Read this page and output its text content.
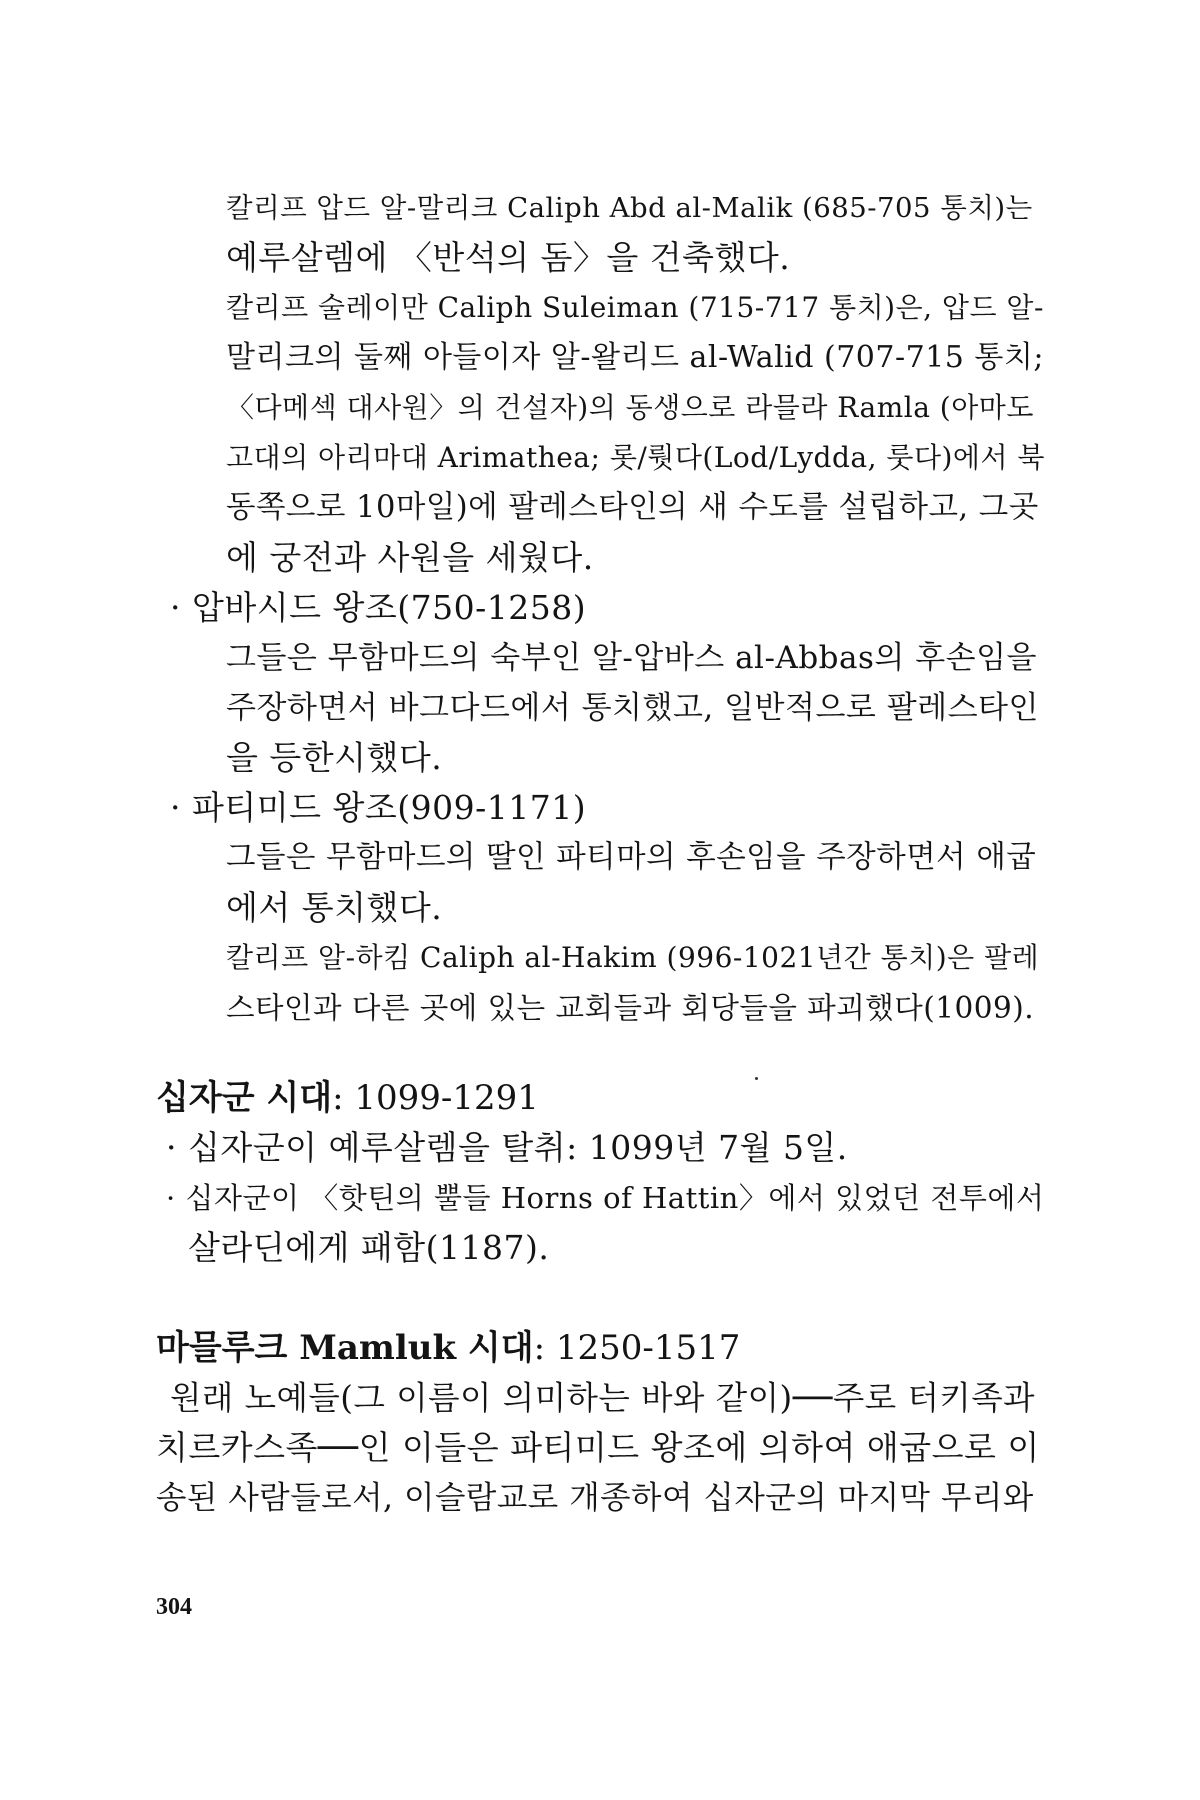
칼리프 압드 알-말리크 Caliph Abd al-Malik (685-705 통치)는
예루살렘에 〈반석의 돔〉을 건축했다.
칼리프 술레이만 Caliph Suleiman (715-717 통치)은, 압드 알-
말리크의 둘째 아들이자 알-왈리드 al-Walid (707-715 통치;
〈다메섹 대사원〉의 건설자)의 동생으로 라믈라 Ramla (아마도
고대의 아리마대 Arimathea; 롯/뤗다(Lod/Lydda, 룻다)에서 북
동쪽으로 10마일)에 팔레스타인의 새 수도를 설립하고, 그곳
에 궁전과 사원을 세웠다.
· 압바시드 왕조(750-1258)
그들은 무함마드의 숙부인 알-압바스 al-Abbas의 후손임을
주장하면서 바그다드에서 통치했고, 일반적으로 팔레스타인
을 등한시했다.
· 파티미드 왕조(909-1171)
그들은 무함마드의 딸인 파티마의 후손임을 주장하면서 애굽
에서 통치했다.
칼리프 알-하킴 Caliph al-Hakim (996-1021년간 통치)은 팔레
스타인과 다른 곳에 있는 교회들과 회당들을 파괴했다(1009).
십자군 시대: 1099-1291
· 십자군이 예루살렘을 탈취: 1099년 7월 5일.
· 십자군이 〈핫틴의 뿔들 Horns of Hattin〉에서 있었던 전투에서
살라딘에게 패함(1187).
마믈루크 Mamluk 시대: 1250-1517
원래 노예들(그 이름이 의미하는 바와 같이)──주로 터키족과
치르카스족──인 이들은 파티미드 왕조에 의하여 애굽으로 이
송된 사람들로서, 이슬람교로 개종하여 십자군의 마지막 무리와
304
